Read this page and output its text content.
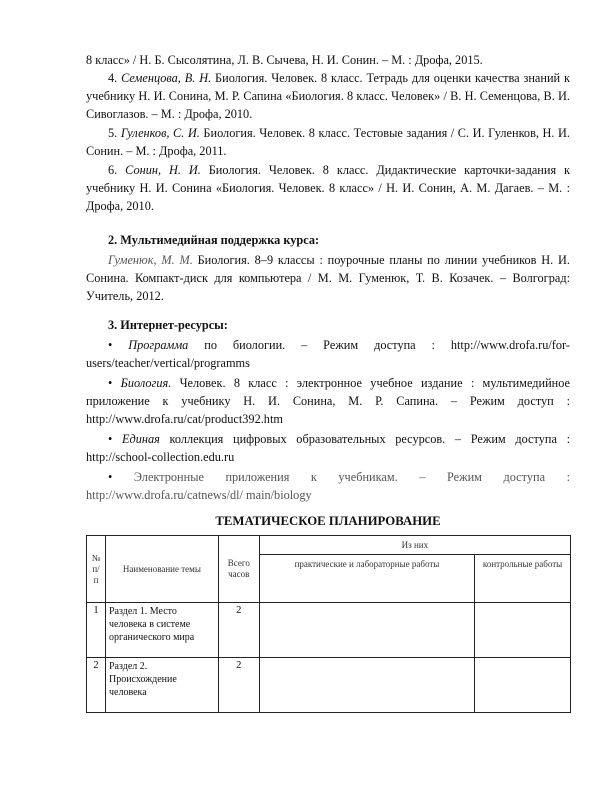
8 класс» / Н. Б. Сысолятина, Л. В. Сычева, Н. И. Сонин. – М. : Дрофа, 2015.

4. Семенцова, В. Н. Биология. Человек. 8 класс. Тетрадь для оценки качества знаний к учебнику Н. И. Сонина, М. Р. Сапина «Биология. 8 класс. Человек» / В. Н. Семенцова, В. И. Сивоглазов. – М. : Дрофа, 2010.

5. Гуленков, С. И. Биология. Человек. 8 класс. Тестовые задания / С. И. Гуленков, Н. И. Сонин. – М. : Дрофа, 2011.

6. Сонин, Н. И. Биология. Человек. 8 класс. Дидактические карточки-задания к учебнику Н. И. Сонина «Биология. Человек. 8 класс» / Н. И. Сонин, А. М. Дагаев. – М. : Дрофа, 2010.

2. Мультимедийная поддержка курса:

Гуменюк, М. М. Биология. 8–9 классы : поурочные планы по линии учебников Н. И. Сонина. Компакт-диск для компьютера / М. М. Гуменюк, Т. В. Козачек. – Волгоград: Учитель, 2012.

3. Интернет-ресурсы:

• Программа по биологии. – Режим доступа : http://www.drofa.ru/for-users/teacher/vertical/programms

• Биология. Человек. 8 класс : электронное учебное издание : мультимедийное приложение к учебнику Н. И. Сонина, М. Р. Сапина. – Режим доступ : http://www.drofa.ru/cat/product392.htm

• Единая коллекция цифровых образовательных ресурсов. – Режим доступа : http://school-collection.edu.ru

• Электронные приложения к учебникам. – Режим доступа : http://www.drofa.ru/catnews/dl/ main/biology

ТЕМАТИЧЕСКОЕ ПЛАНИРОВАНИЕ

№ п/п	Наименование темы	Всего часов	Из них	
			практические и лабораторные работы	контрольные работы
1	Раздел 1. Место человека в системе органического мира	2		
2	Раздел 2. Происхождение человека	2		
